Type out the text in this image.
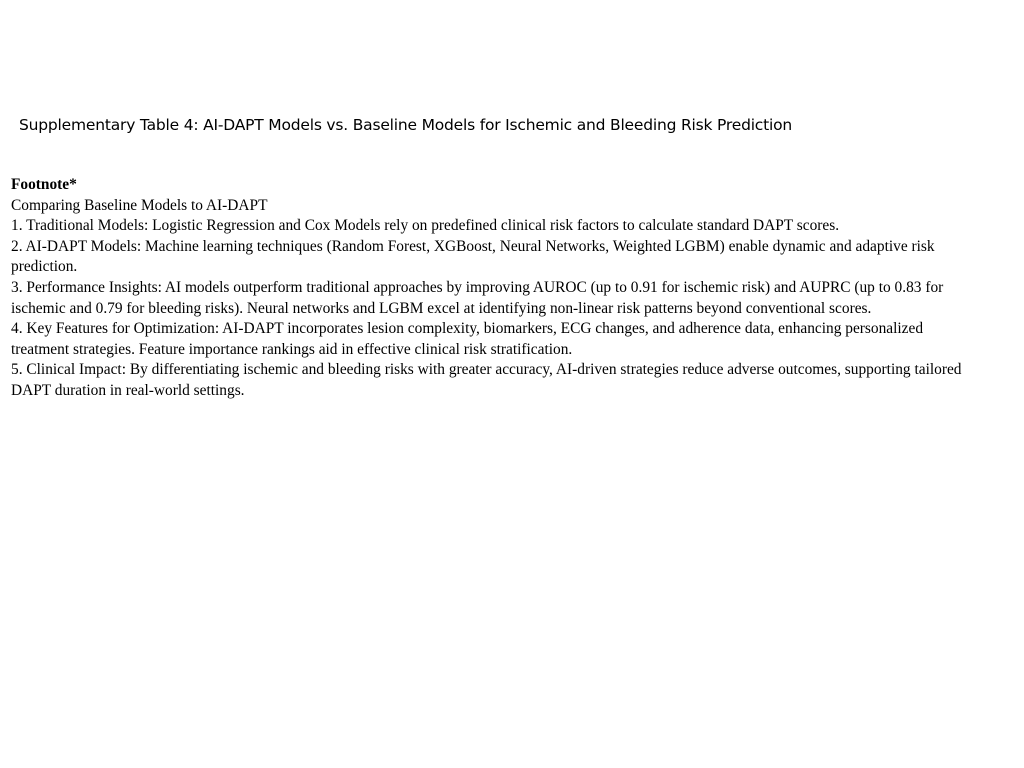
Supplementary Table 4: AI-DAPT Models vs. Baseline Models for Ischemic and Bleeding Risk Prediction
Footnote*
Comparing Baseline Models to AI-DAPT
1. Traditional Models: Logistic Regression and Cox Models rely on predefined clinical risk factors to calculate standard DAPT scores.
2. AI-DAPT Models: Machine learning techniques (Random Forest, XGBoost, Neural Networks, Weighted LGBM) enable dynamic and adaptive risk prediction.
3. Performance Insights: AI models outperform traditional approaches by improving AUROC (up to 0.91 for ischemic risk) and AUPRC (up to 0.83 for ischemic and 0.79 for bleeding risks). Neural networks and LGBM excel at identifying non-linear risk patterns beyond conventional scores.
4. Key Features for Optimization: AI-DAPT incorporates lesion complexity, biomarkers, ECG changes, and adherence data, enhancing personalized treatment strategies. Feature importance rankings aid in effective clinical risk stratification.
5. Clinical Impact: By differentiating ischemic and bleeding risks with greater accuracy, AI-driven strategies reduce adverse outcomes, supporting tailored DAPT duration in real-world settings.
